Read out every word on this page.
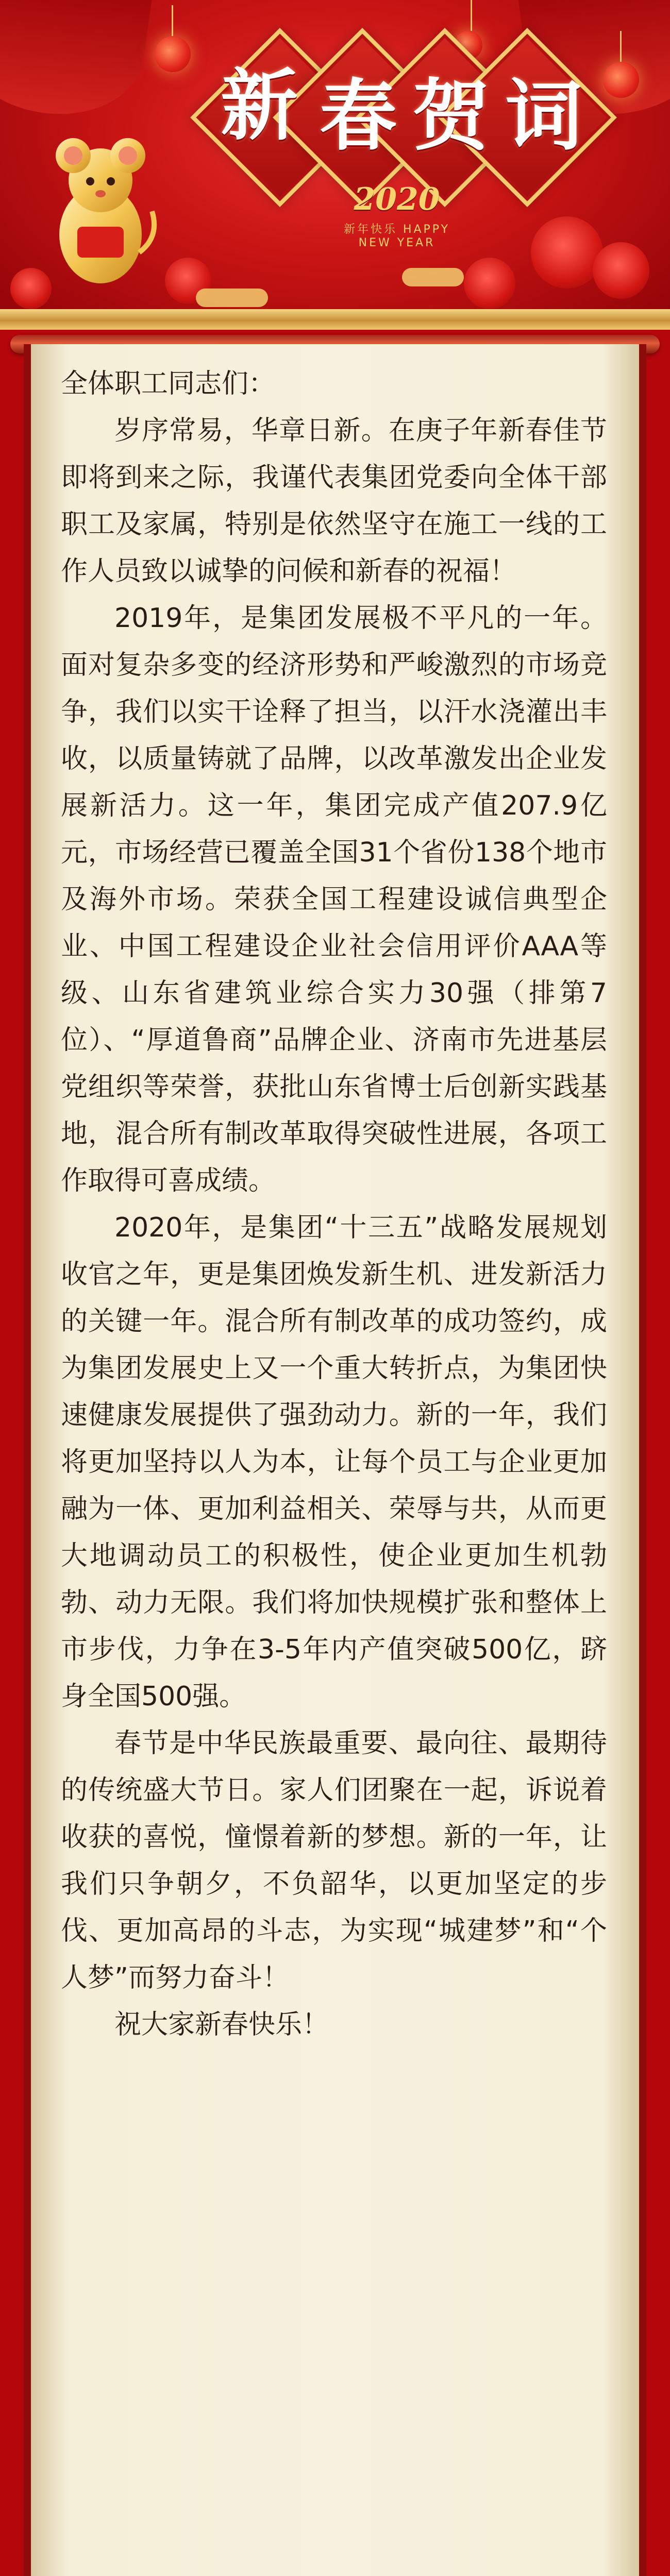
新 春 贺 词
2020
新年快乐 HAPPY NEW YEAR

全体职工同志们：

岁序常易，华章日新。在庚子年新春佳节即将到来之际，我谨代表集团党委向全体干部职工及家属，特别是依然坚守在施工一线的工作人员致以诚挚的问候和新春的祝福！

2019年，是集团发展极不平凡的一年。面对复杂多变的经济形势和严峻激烈的市场竞争，我们以实干诠释了担当，以汗水浇灌出丰收，以质量铸就了品牌，以改革激发出企业发展新活力。这一年，集团完成产值207.9亿元，市场经营已覆盖全国31个省份138个地市及海外市场。荣获全国工程建设诚信典型企业、中国工程建设企业社会信用评价AAA等级、山东省建筑业综合实力30强（排第7位）、“厚道鲁商”品牌企业、济南市先进基层党组织等荣誉，获批山东省博士后创新实践基地，混合所有制改革取得突破性进展，各项工作取得可喜成绩。

2020年，是集团“十三五”战略发展规划收官之年，更是集团焕发新生机、进发新活力的关键一年。混合所有制改革的成功签约，成为集团发展史上又一个重大转折点，为集团快速健康发展提供了强劲动力。新的一年，我们将更加坚持以人为本，让每个员工与企业更加融为一体、更加利益相关、荣辱与共，从而更大地调动员工的积极性，使企业更加生机勃勃、动力无限。我们将加快规模扩张和整体上市步伐，力争在3-5年内产值突破500亿，跻身全国500强。

春节是中华民族最重要、最向往、最期待的传统盛大节日。家人们团聚在一起，诉说着收获的喜悦，憧憬着新的梦想。新的一年，让我们只争朝夕，不负韶华，以更加坚定的步伐、更加高昂的斗志，为实现“城建梦”和“个人梦”而努力奋斗！

祝大家新春快乐！
